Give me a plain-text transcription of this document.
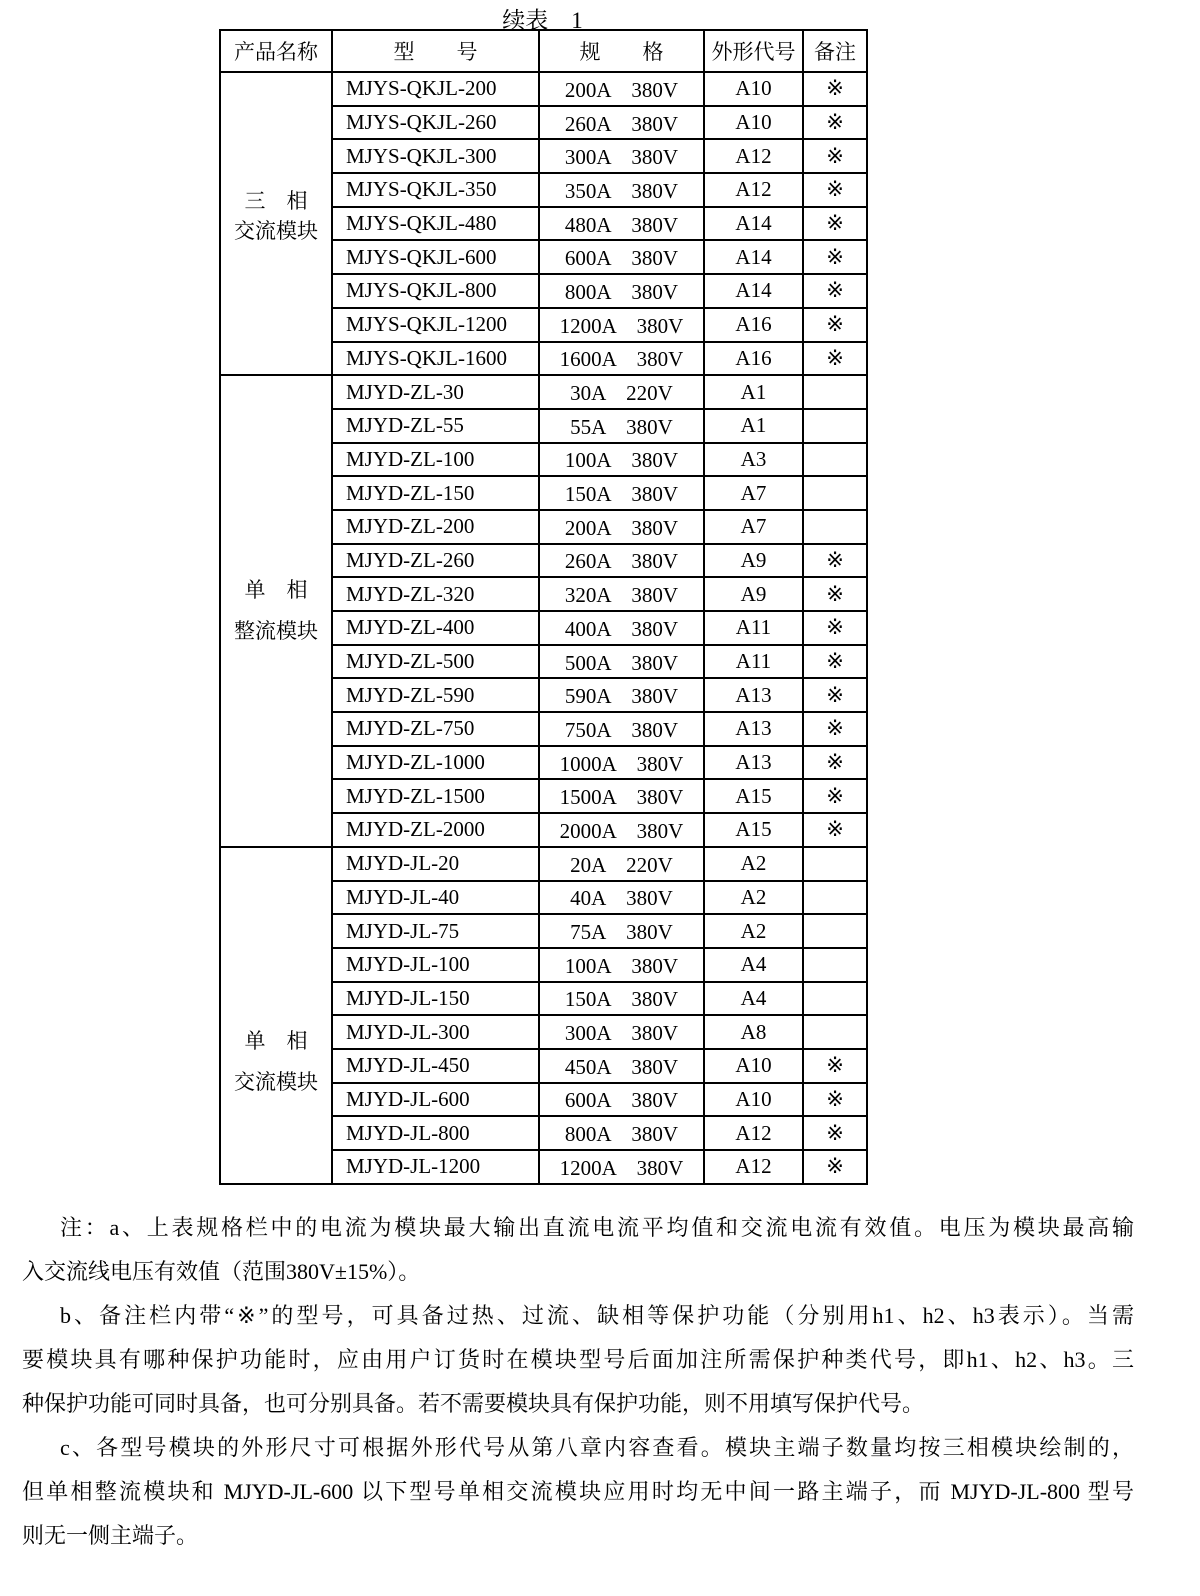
续表　1
产品名称	型　　号	规　　格	外形代号	备注

三　相
交流模块	MJYS-QKJL-200	200A　380V	A10	※
	MJYS-QKJL-260	260A　380V	A10	※
	MJYS-QKJL-300	300A　380V	A12	※
	MJYS-QKJL-350	350A　380V	A12	※
	MJYS-QKJL-480	480A　380V	A14	※
	MJYS-QKJL-600	600A　380V	A14	※
	MJYS-QKJL-800	800A　380V	A14	※
	MJYS-QKJL-1200	1200A　380V	A16	※
	MJYS-QKJL-1600	1600A　380V	A16	※

单　相
整流模块	MJYD-ZL-30	30A　220V	A1	
	MJYD-ZL-55	55A　380V	A1	
	MJYD-ZL-100	100A　380V	A3	
	MJYD-ZL-150	150A　380V	A7	
	MJYD-ZL-200	200A　380V	A7	
	MJYD-ZL-260	260A　380V	A9	※
	MJYD-ZL-320	320A　380V	A9	※
	MJYD-ZL-400	400A　380V	A11	※
	MJYD-ZL-500	500A　380V	A11	※
	MJYD-ZL-590	590A　380V	A13	※
	MJYD-ZL-750	750A　380V	A13	※
	MJYD-ZL-1000	1000A　380V	A13	※
	MJYD-ZL-1500	1500A　380V	A15	※
	MJYD-ZL-2000	2000A　380V	A15	※

单　相
交流模块	MJYD-JL-20	20A　220V	A2	
	MJYD-JL-40	40A　380V	A2	
	MJYD-JL-75	75A　380V	A2	
	MJYD-JL-100	100A　380V	A4	
	MJYD-JL-150	150A　380V	A4	
	MJYD-JL-300	300A　380V	A8	
	MJYD-JL-450	450A　380V	A10	※
	MJYD-JL-600	600A　380V	A10	※
	MJYD-JL-800	800A　380V	A12	※
	MJYD-JL-1200	1200A　380V	A12	※
注：a、上表规格栏中的电流为模块最大输出直流电流平均值和交流电流有效值。电压为模块最高输
入交流线电压有效值（范围380V±15%）。
b、备注栏内带“※”的型号，可具备过热、过流、缺相等保护功能（分别用h1、h2、h3表示）。当需
要模块具有哪种保护功能时，应由用户订货时在模块型号后面加注所需保护种类代号，即h1、h2、h3。三
种保护功能可同时具备，也可分别具备。若不需要模块具有保护功能，则不用填写保护代号。
c、各型号模块的外形尺寸可根据外形代号从第八章内容查看。模块主端子数量均按三相模块绘制的，
但单相整流模块和 MJYD-JL-600 以下型号单相交流模块应用时均无中间一路主端子，而 MJYD-JL-800 型号
则无一侧主端子。
